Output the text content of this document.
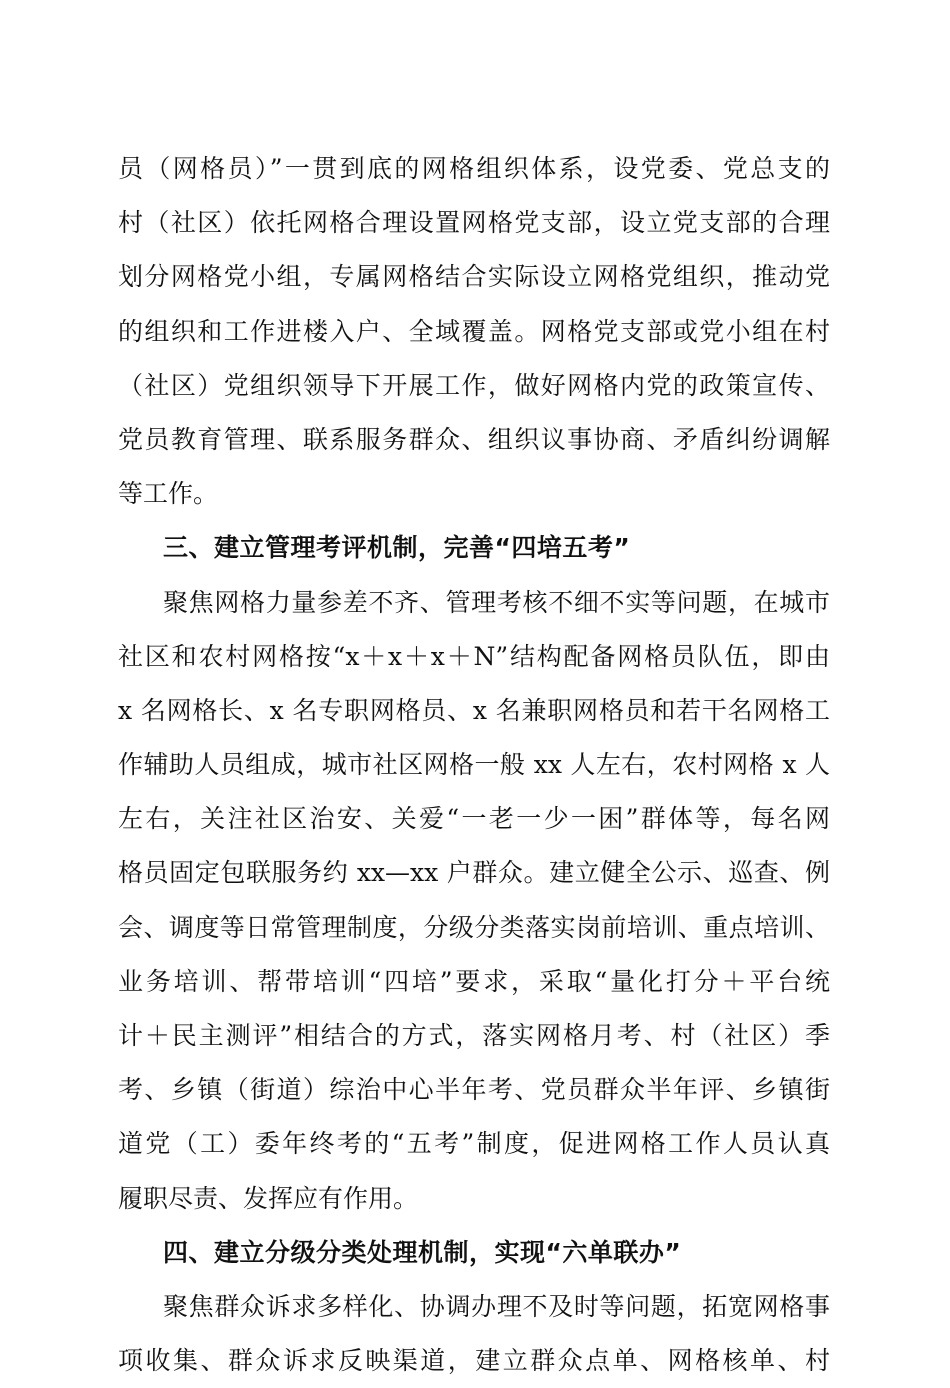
员（网格员）”一贯到底的网格组织体系，设党委、党总支的
村（社区）依托网格合理设置网格党支部，设立党支部的合理
划分网格党小组，专属网格结合实际设立网格党组织，推动党
的组织和工作进楼入户、全域覆盖。网格党支部或党小组在村
（社区）党组织领导下开展工作，做好网格内党的政策宣传、
党员教育管理、联系服务群众、组织议事协商、矛盾纠纷调解
等工作。
三、建立管理考评机制，完善“四培五考”
聚焦网格力量参差不齐、管理考核不细不实等问题，在城市
社区和农村网格按“x＋x＋x＋N”结构配备网格员队伍，即由
x 名网格长、x 名专职网格员、x 名兼职网格员和若干名网格工
作辅助人员组成，城市社区网格一般 xx 人左右，农村网格 x 人
左右，关注社区治安、关爱“一老一少一困”群体等，每名网
格员固定包联服务约 xx—xx 户群众。建立健全公示、巡查、例
会、调度等日常管理制度，分级分类落实岗前培训、重点培训、
业务培训、帮带培训“四培”要求，采取“量化打分＋平台统
计＋民主测评”相结合的方式，落实网格月考、村（社区）季
考、乡镇（街道）综治中心半年考、党员群众半年评、乡镇街
道党（工）委年终考的“五考”制度，促进网格工作人员认真
履职尽责、发挥应有作用。
四、建立分级分类处理机制，实现“六单联办”
聚焦群众诉求多样化、协调办理不及时等问题，拓宽网格事
项收集、群众诉求反映渠道，建立群众点单、网格核单、村
